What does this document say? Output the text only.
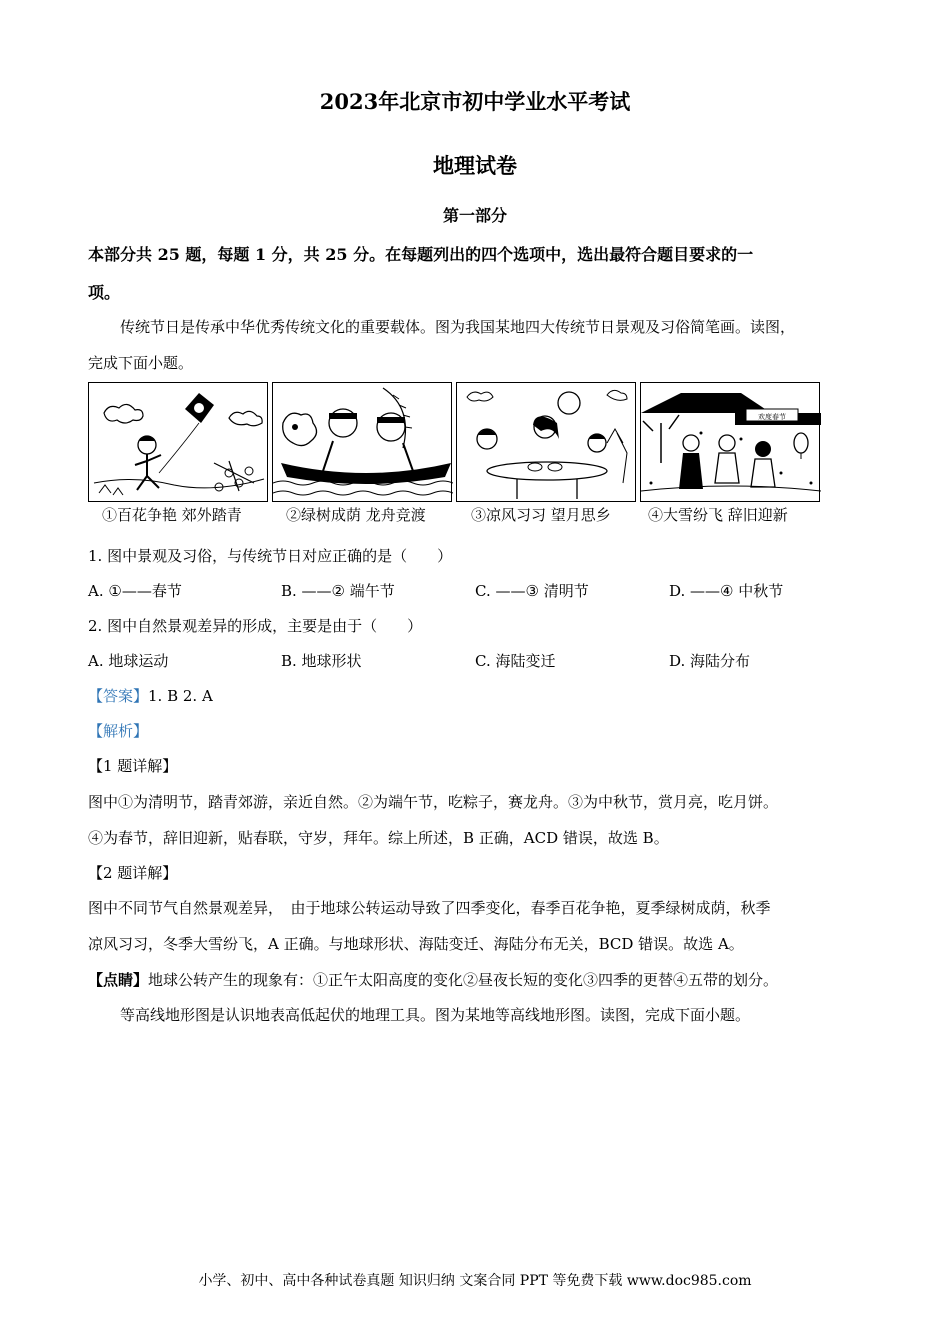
2023年北京市初中学业水平考试
地理试卷
第一部分
本部分共 25 题，每题 1 分，共 25 分。在每题列出的四个选项中，选出最符合题目要求的一
项。
传统节日是传承中华优秀传统文化的重要载体。图为我国某地四大传统节日景观及习俗简笔画。读图，
完成下面小题。
欢度春节
①百花争艳 郊外踏青	②绿树成荫 龙舟竞渡	③凉风习习 望月思乡 ④大雪纷飞 辞旧迎新
1. 图中景观及习俗，与传统节日对应正确的是（　　）
A. ①——春节	B. ——② 端午节	C. ——③ 清明节	D. ——④ 中秋节
2. 图中自然景观差异的形成，主要是由于（　　）
A. 地球运动	B. 地球形状	C. 海陆变迁	D. 海陆分布
【答案】1. B 2. A
【解析】
【1 题详解】
图中①为清明节，踏青郊游，亲近自然。②为端午节，吃粽子，赛龙舟。③为中秋节，赏月亮，吃月饼。
④为春节，辞旧迎新，贴春联，守岁，拜年。综上所述，B 正确，ACD 错误，故选 B。
【2 题详解】
图中不同节气自然景观差异，　由于地球公转运动导致了四季变化，春季百花争艳，夏季绿树成荫，秋季
凉风习习，冬季大雪纷飞，A 正确。与地球形状、海陆变迁、海陆分布无关，BCD 错误。故选 A。
【点睛】地球公转产生的现象有：①正午太阳高度的变化②昼夜长短的变化③四季的更替④五带的划分。
等高线地形图是认识地表高低起伏的地理工具。图为某地等高线地形图。读图，完成下面小题。
小学、初中、高中各种试卷真题 知识归纳 文案合同 PPT 等免费下载 www.doc985.com
